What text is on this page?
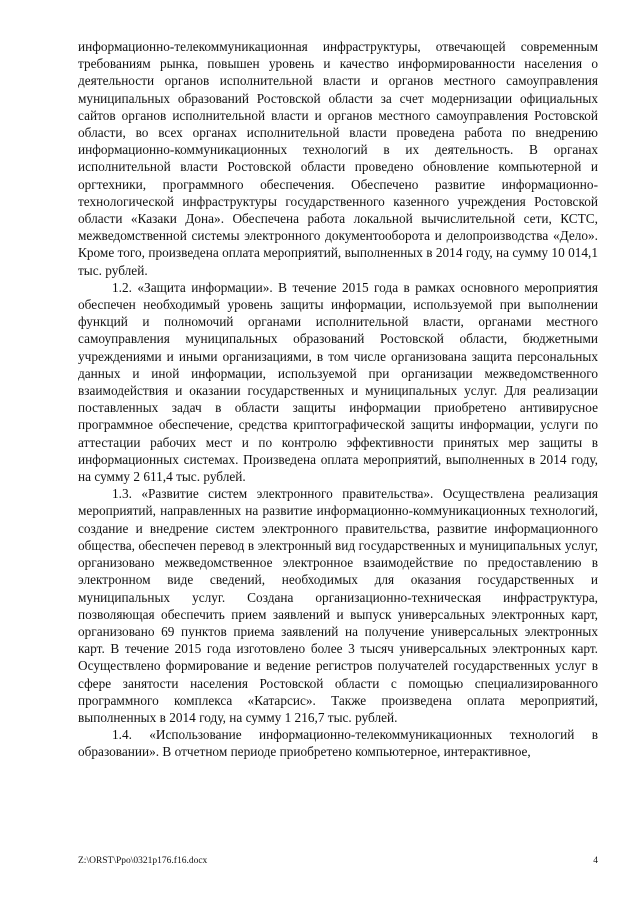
информационно-телекоммуникационная инфраструктуры, отвечающей современным требованиям рынка, повышен уровень и качество информированности населения о деятельности органов исполнительной власти и органов местного самоуправления муниципальных образований Ростовской области за счет модернизации официальных сайтов органов исполнительной власти и органов местного самоуправления Ростовской области, во всех органах исполнительной власти проведена работа по внедрению информационно-коммуникационных технологий в их деятельность. В органах исполнительной власти Ростовской области проведено обновление компьютерной и оргтехники, программного обеспечения. Обеспечено развитие информационно-технологической инфраструктуры государственного казенного учреждения Ростовской области «Казаки Дона». Обеспечена работа локальной вычислительной сети, КСТС, межведомственной системы электронного документооборота и делопроизводства «Дело». Кроме того, произведена оплата мероприятий, выполненных в 2014 году, на сумму 10 014,1 тыс. рублей.

1.2. «Защита информации». В течение 2015 года в рамках основного мероприятия обеспечен необходимый уровень защиты информации, используемой при выполнении функций и полномочий органами исполнительной власти, органами местного самоуправления муниципальных образований Ростовской области, бюджетными учреждениями и иными организациями, в том числе организована защита персональных данных и иной информации, используемой при организации межведомственного взаимодействия и оказании государственных и муниципальных услуг. Для реализации поставленных задач в области защиты информации приобретено антивирусное программное обеспечение, средства криптографической защиты информации, услуги по аттестации рабочих мест и по контролю эффективности принятых мер защиты в информационных системах. Произведена оплата мероприятий, выполненных в 2014 году, на сумму 2 611,4 тыс. рублей.

1.3. «Развитие систем электронного правительства». Осуществлена реализация мероприятий, направленных на развитие информационно-коммуникационных технологий, создание и внедрение систем электронного правительства, развитие информационного общества, обеспечен перевод в электронный вид государственных и муниципальных услуг, организовано межведомственное электронное взаимодействие по предоставлению в электронном виде сведений, необходимых для оказания государственных и муниципальных услуг. Создана организационно-техническая инфраструктура, позволяющая обеспечить прием заявлений и выпуск универсальных электронных карт, организовано 69 пунктов приема заявлений на получение универсальных электронных карт. В течение 2015 года изготовлено более 3 тысяч универсальных электронных карт. Осуществлено формирование и ведение регистров получателей государственных услуг в сфере занятости населения Ростовской области с помощью специализированного программного комплекса «Катарсис». Также произведена оплата мероприятий, выполненных в 2014 году, на сумму 1 216,7 тыс. рублей.

1.4. «Использование информационно-телекоммуникационных технологий в образовании». В отчетном периоде приобретено компьютерное, интерактивное,

Z:\ORST\Ppo\0321p176.f16.docx	4
